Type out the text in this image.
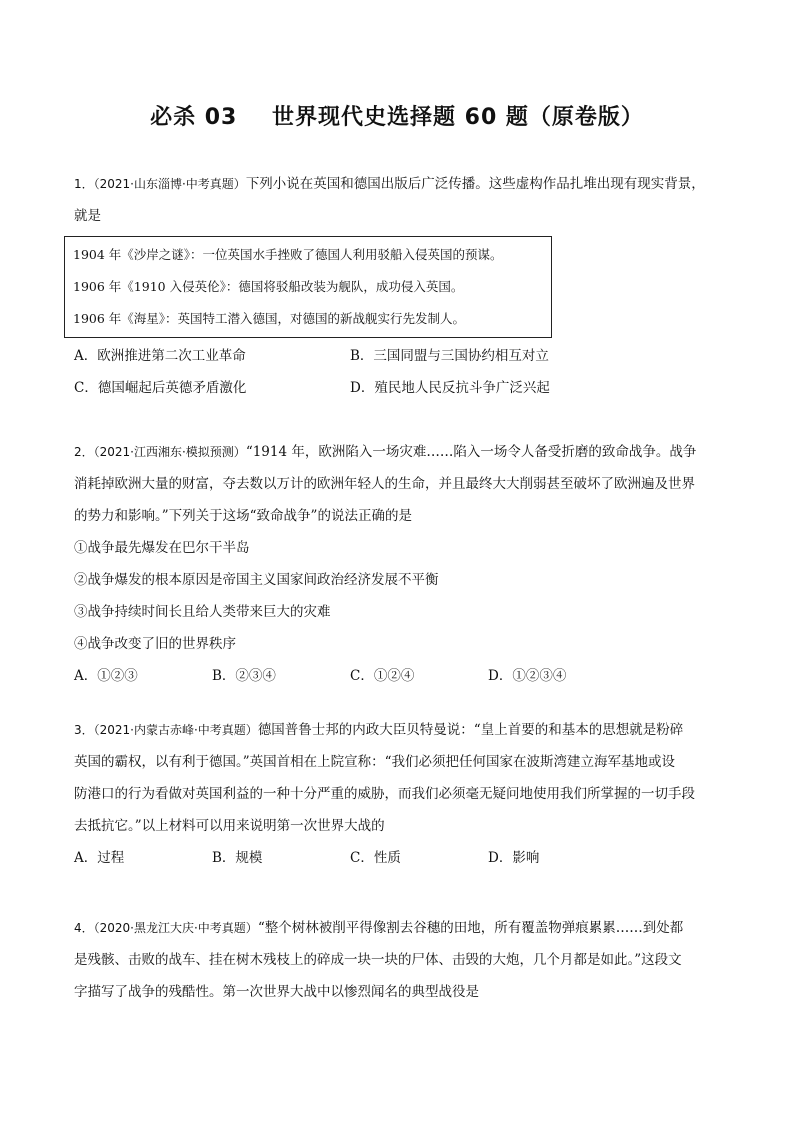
必杀 03    世界现代史选择题 60 题（原卷版）
1．（2021·山东淄博·中考真题）下列小说在英国和德国出版后广泛传播。这些虚构作品扎堆出现有现实背景，
就是
1904 年《沙岸之谜》：一位英国水手挫败了德国人利用驳船入侵英国的预谋。
1906 年《1910 入侵英伦》：德国将驳船改装为舰队，成功侵入英国。
1906 年《海星》：英国特工潜入德国，对德国的新战舰实行先发制人。
A．欧洲推进第二次工业革命	B．三国同盟与三国协约相互对立
C．德国崛起后英德矛盾激化	D．殖民地人民反抗斗争广泛兴起
2．（2021·江西湘东·模拟预测）“1914 年，欧洲陷入一场灾难……陷入一场令人备受折磨的致命战争。战争
消耗掉欧洲大量的财富，夺去数以万计的欧洲年轻人的生命，并且最终大大削弱甚至破坏了欧洲遍及世界
的势力和影响。”下列关于这场“致命战争”的说法正确的是
①战争最先爆发在巴尔干半岛
②战争爆发的根本原因是帝国主义国家间政治经济发展不平衡
③战争持续时间长且给人类带来巨大的灾难
④战争改变了旧的世界秩序
A．①②③	B．②③④	C．①②④	D．①②③④
3．（2021·内蒙古赤峰·中考真题）德国普鲁士邦的内政大臣贝特曼说：“皇上首要的和基本的思想就是粉碎
英国的霸权，以有利于德国。”英国首相在上院宣称：“我们必须把任何国家在波斯湾建立海军基地或设
防港口的行为看做对英国利益的一种十分严重的威胁，而我们必须毫无疑问地使用我们所掌握的一切手段
去抵抗它。”以上材料可以用来说明第一次世界大战的
A．过程	B．规模	C．性质	D．影响
4．（2020·黑龙江大庆·中考真题）“整个树林被削平得像割去谷穗的田地，所有覆盖物弹痕累累……到处都
是残骸、击败的战车、挂在树木残枝上的碎成一块一块的尸体、击毁的大炮，几个月都是如此。”这段文
字描写了战争的残酷性。第一次世界大战中以惨烈闻名的典型战役是
